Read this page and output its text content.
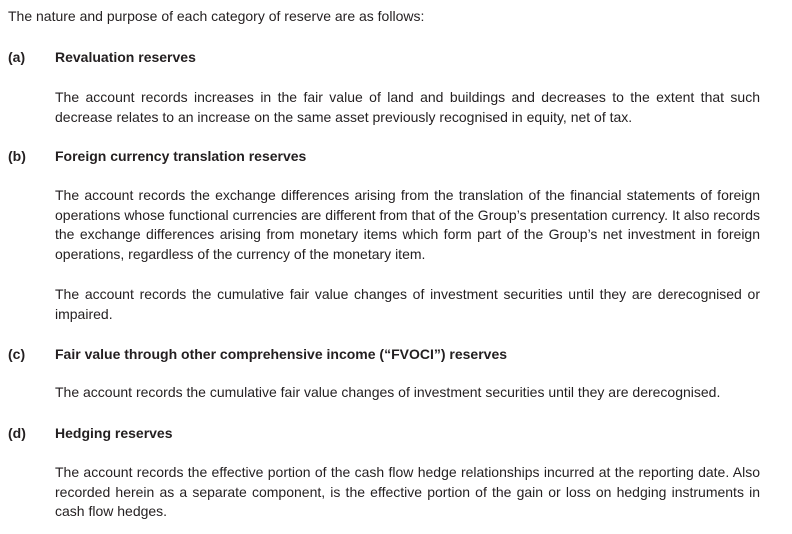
The nature and purpose of each category of reserve are as follows:
(a) Revaluation reserves
The account records increases in the fair value of land and buildings and decreases to the extent that such decrease relates to an increase on the same asset previously recognised in equity, net of tax.
(b) Foreign currency translation reserves
The account records the exchange differences arising from the translation of the financial statements of foreign operations whose functional currencies are different from that of the Group’s presentation currency. It also records the exchange differences arising from monetary items which form part of the Group’s net investment in foreign operations, regardless of the currency of the monetary item.
The account records the cumulative fair value changes of investment securities until they are derecognised or impaired.
(c) Fair value through other comprehensive income (“FVOCI”) reserves
The account records the cumulative fair value changes of investment securities until they are derecognised.
(d) Hedging reserves
The account records the effective portion of the cash flow hedge relationships incurred at the reporting date. Also recorded herein as a separate component, is the effective portion of the gain or loss on hedging instruments in cash flow hedges.
